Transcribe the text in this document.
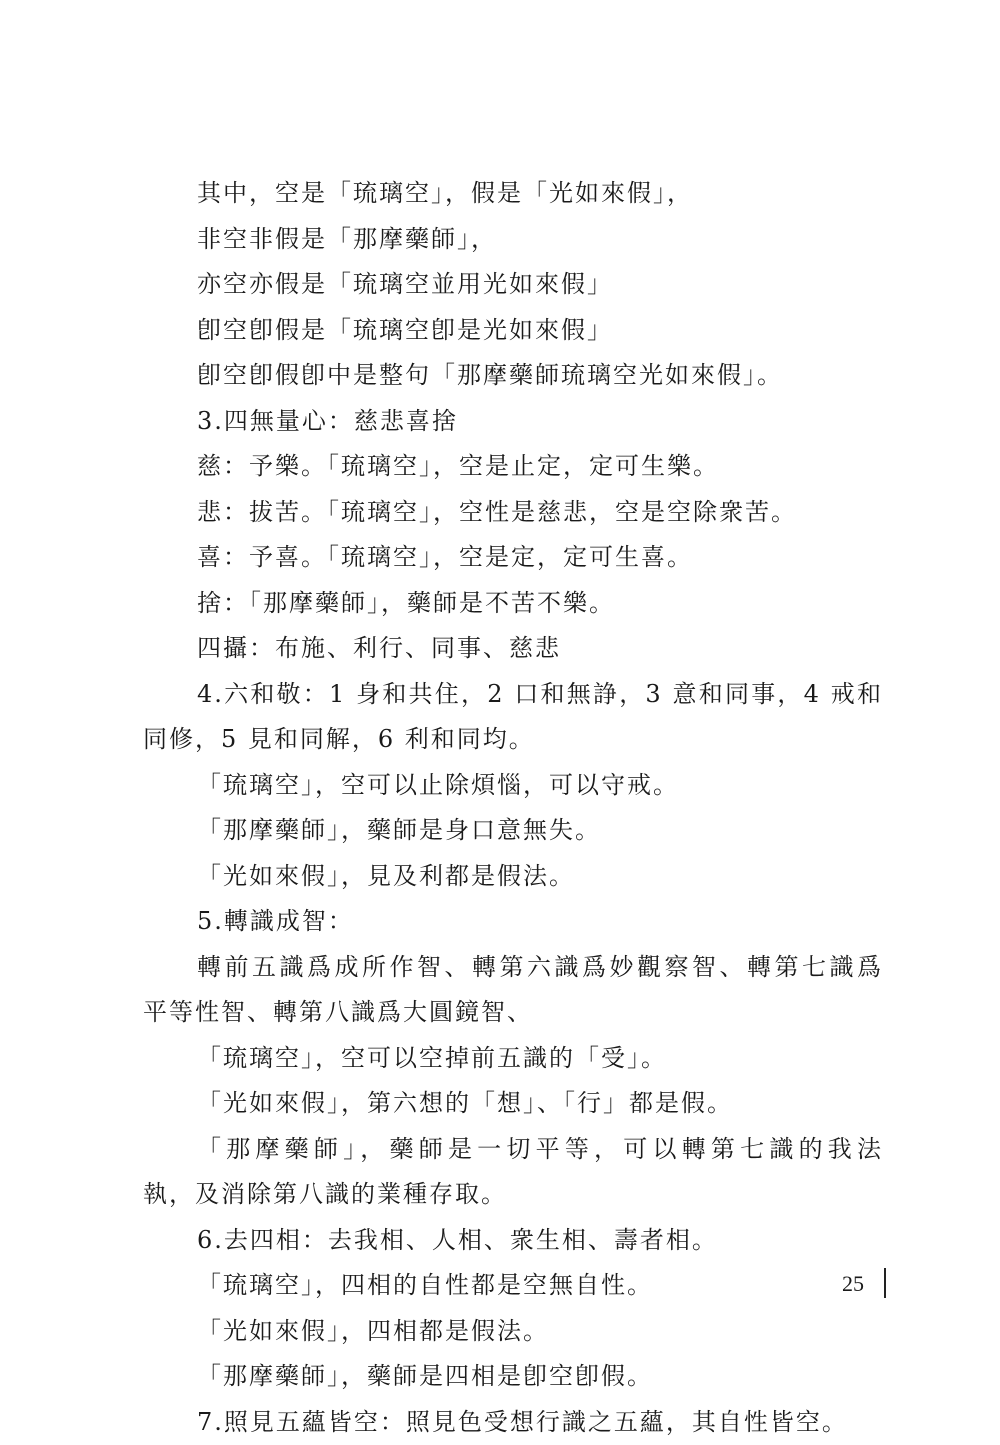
其中，空是「琉璃空」，假是「光如來假」，
非空非假是「那摩藥師」，
亦空亦假是「琉璃空並用光如來假」
卽空卽假是「琉璃空卽是光如來假」
卽空卽假卽中是整句「那摩藥師琉璃空光如來假」。
3.四無量心：慈悲喜捨
慈：予樂。「琉璃空」，空是止定，定可生樂。
悲：拔苦。「琉璃空」，空性是慈悲，空是空除衆苦。
喜：予喜。「琉璃空」，空是定，定可生喜。
捨：「那摩藥師」，藥師是不苦不樂。
四攝：布施、利行、同事、慈悲
4.六和敬：1 身和共住，2 口和無諍，3 意和同事，4 戒和
同修，5 見和同解，6 利和同均。
「琉璃空」，空可以止除煩惱，可以守戒。
「那摩藥師」，藥師是身口意無失。
「光如來假」，見及利都是假法。
5.轉識成智：
轉前五識爲成所作智、轉第六識爲妙觀察智、轉第七識爲
平等性智、轉第八識爲大圓鏡智、
「琉璃空」，空可以空掉前五識的「受」。
「光如來假」，第六想的「想」、「行」都是假。
「那摩藥師」，藥師是一切平等，可以轉第七識的我法
執，及消除第八識的業種存取。
6.去四相：去我相、人相、衆生相、壽者相。
「琉璃空」，四相的自性都是空無自性。
「光如來假」，四相都是假法。
「那摩藥師」，藥師是四相是卽空卽假。
7.照見五蘊皆空：照見色受想行識之五蘊，其自性皆空。
25
